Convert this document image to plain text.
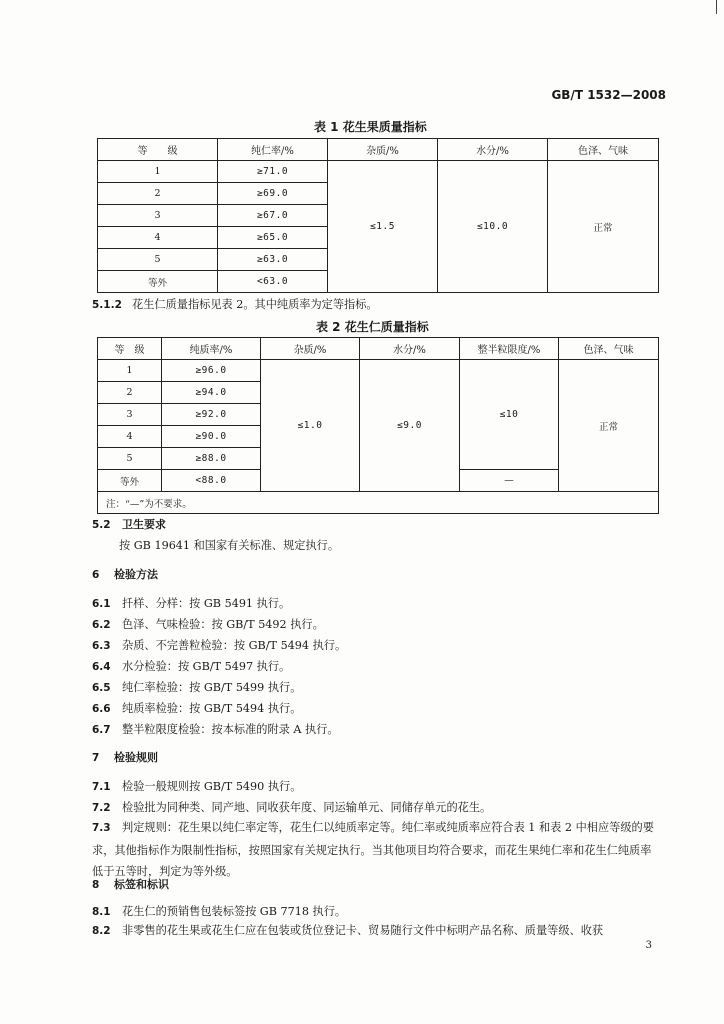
GB/T 1532—2008
表 1 花生果质量指标
等　　级	纯仁率/%	杂质/%	水分/%	色泽、气味
1	≥71.0	≤1.5	≤10.0	正常
2	≥69.0			
3	≥67.0			
4	≥65.0			
5	≥63.0			
等外	<63.0			
5.1.2 花生仁质量指标见表 2。其中纯质率为定等指标。
表 2 花生仁质量指标
等　级	纯质率/%	杂质/%	水分/%	整半粒限度/%	色泽、气味
1	≥96.0	≤1.0	≤9.0	≤10	正常
2	≥94.0				
3	≥92.0				
4	≥90.0				
5	≥88.0				
等外	<88.0			—	
注：“—”为不要求。					
5.2 卫生要求
按 GB 19641 和国家有关标准、规定执行。
6 检验方法
6.1 扦样、分样：按 GB 5491 执行。
6.2 色泽、气味检验：按 GB/T 5492 执行。
6.3 杂质、不完善粒检验：按 GB/T 5494 执行。
6.4 水分检验：按 GB/T 5497 执行。
6.5 纯仁率检验：按 GB/T 5499 执行。
6.6 纯质率检验：按 GB/T 5494 执行。
6.7 整半粒限度检验：按本标准的附录 A 执行。
7 检验规则
7.1 检验一般规则按 GB/T 5490 执行。
7.2 检验批为同种类、同产地、同收获年度、同运输单元、同储存单元的花生。
7.3 判定规则：花生果以纯仁率定等，花生仁以纯质率定等。纯仁率或纯质率应符合表 1 和表 2 中相应等级的要求，其他指标作为限制性指标，按照国家有关规定执行。当其他项目均符合要求，而花生果纯仁率和花生仁纯质率低于五等时，判定为等外级。
8 标签和标识
8.1 花生仁的预销售包装标签按 GB 7718 执行。
8.2 非零售的花生果或花生仁应在包装或货位登记卡、贸易随行文件中标明产品名称、质量等级、收获
3
